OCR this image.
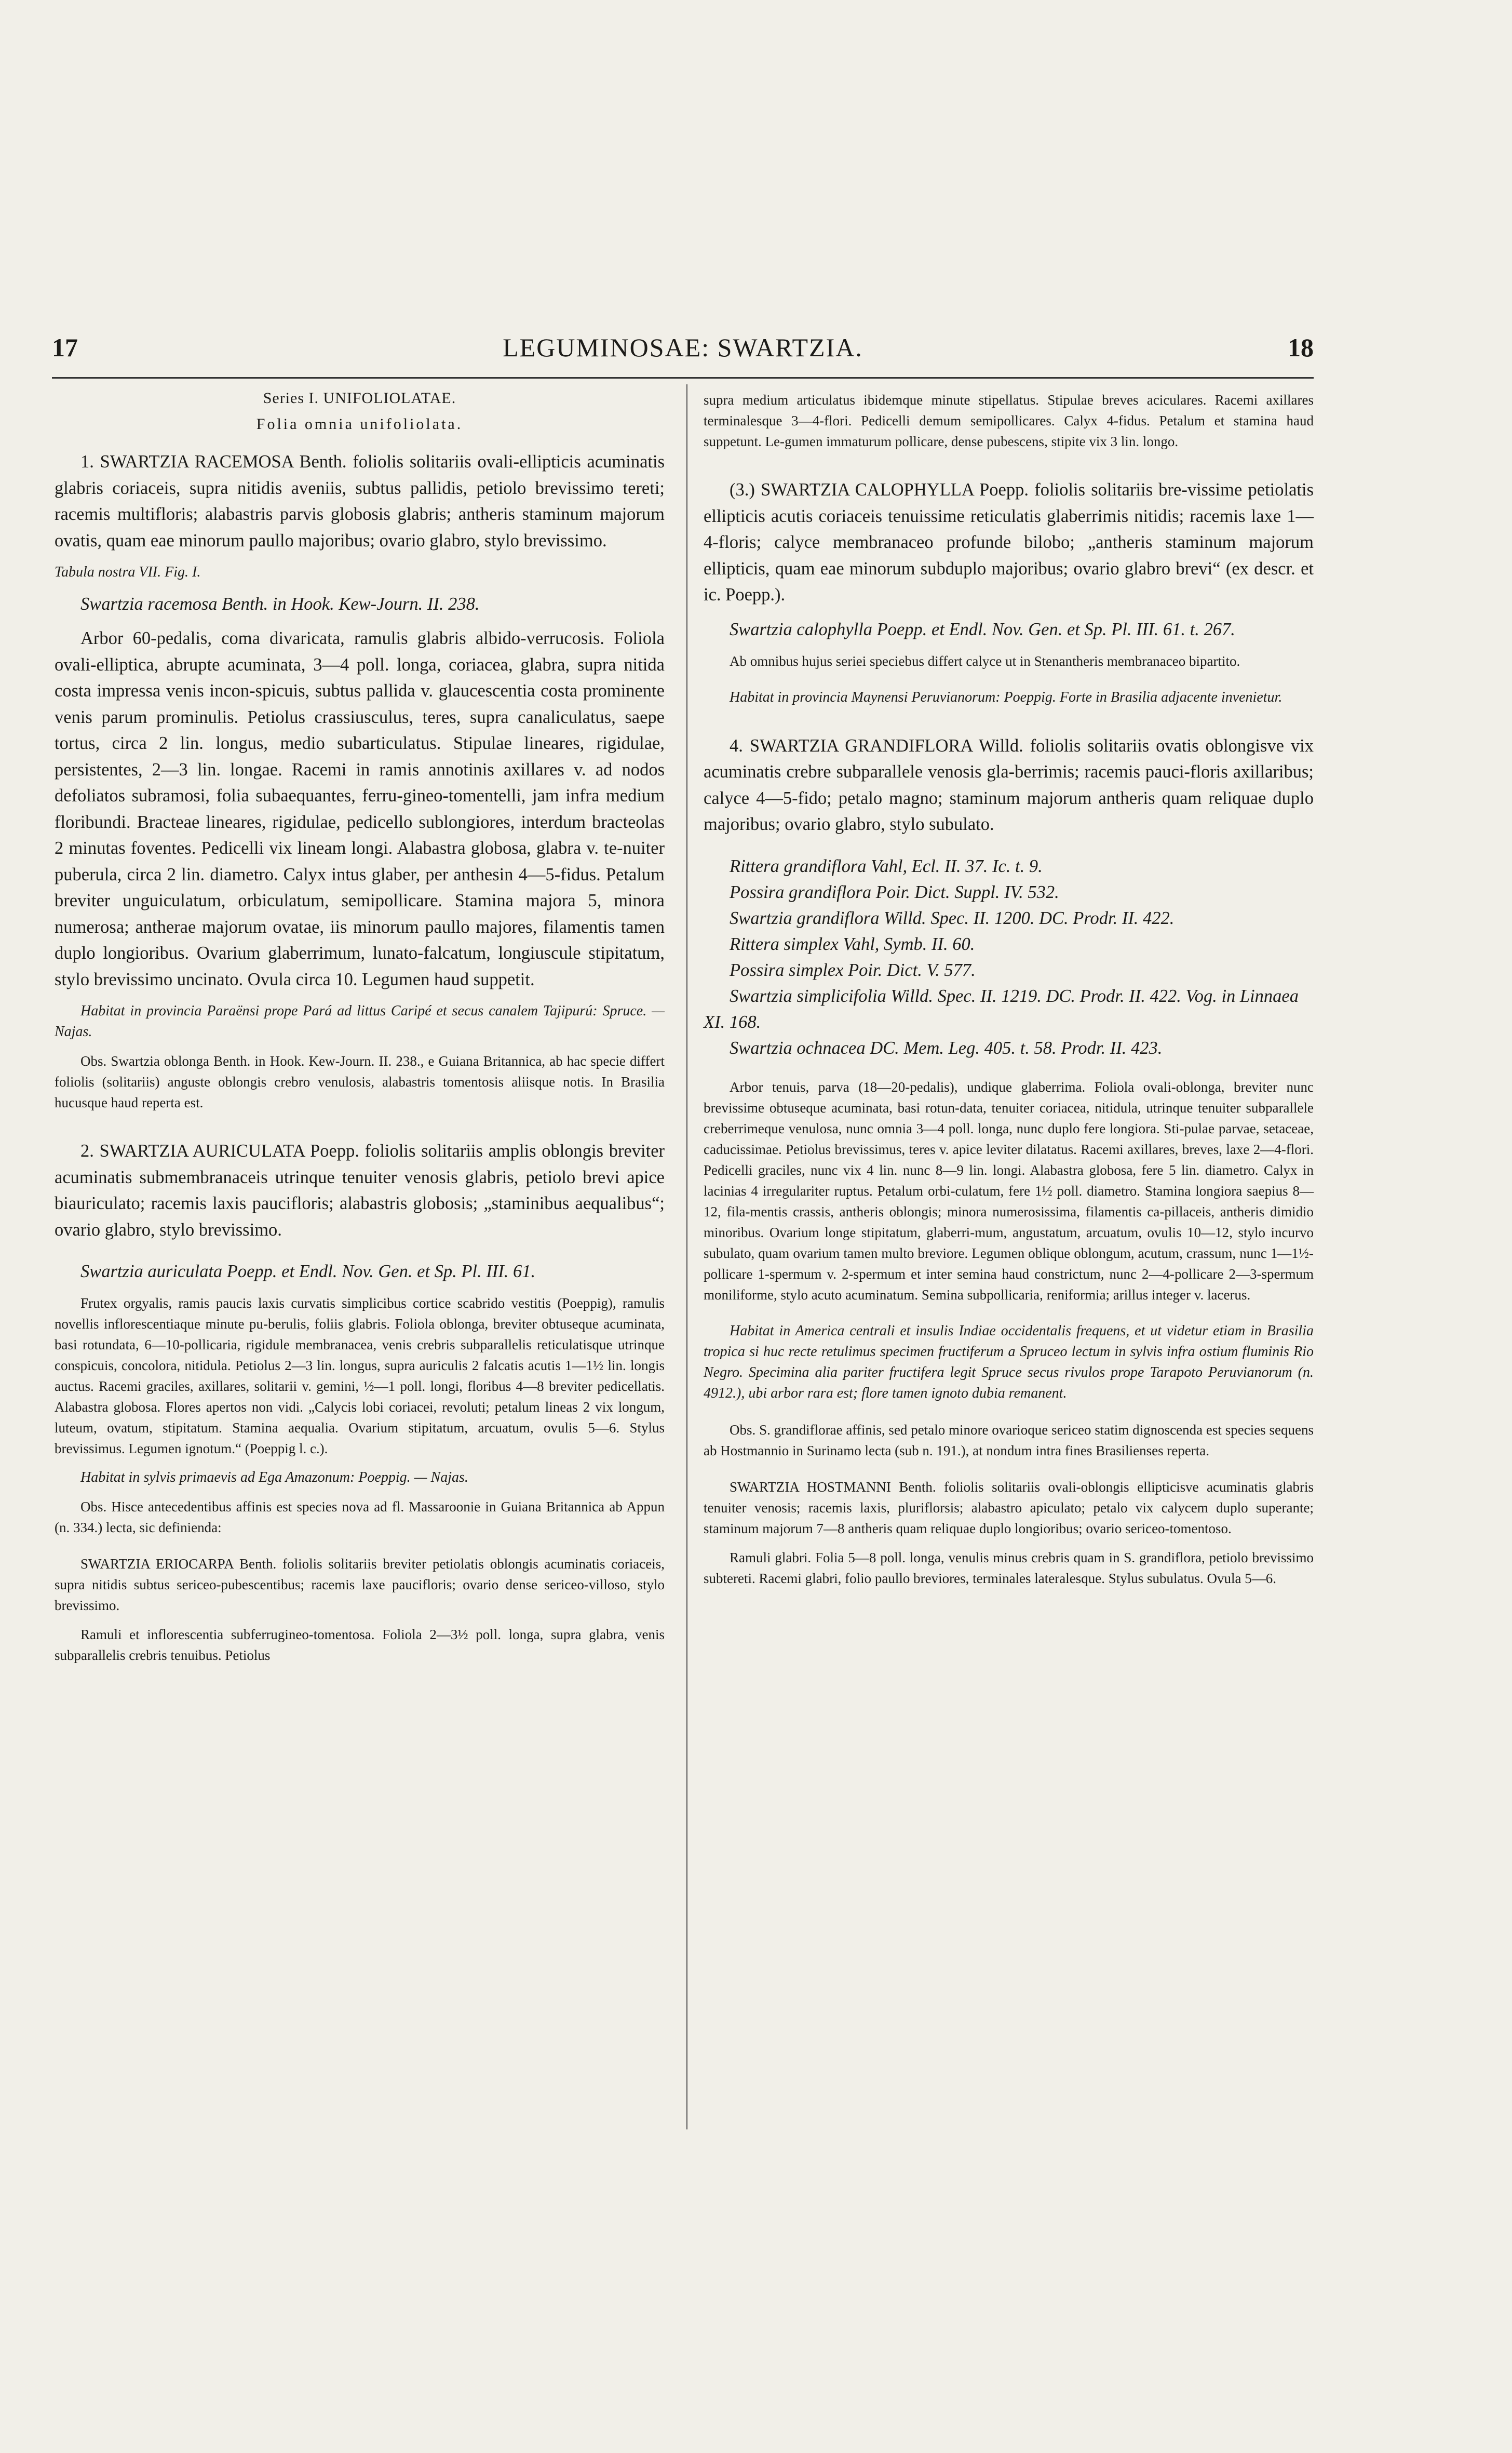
17	LEGUMINOSAE: SWARTZIA.	18

Series I. UNIFOLIOLATAE.

Folia omnia unifoliolata.

1. SWARTZIA RACEMOSA Benth. foliolis solitariis ovali-ellipticis acuminatis glabris coriaceis, supra nitidis aveniis, subtus pallidis, petiolo brevissimo tereti; racemis multifloris; alabastris parvis globosis glabris; antheris staminum majorum ovatis, quam eae minorum paullo majoribus; ovario glabro, stylo brevissimo.

Tabula nostra VII. Fig. I.

Swartzia racemosa Benth. in Hook. Kew-Journ. II. 238.

Arbor 60-pedalis, coma divaricata, ramulis glabris albido-verrucosis. Foliola ovali-elliptica, abrupte acuminata, 3—4 poll. longa, coriacea, glabra, supra nitida costa impressa venis incon-spicuis, subtus pallida v. glaucescentia costa prominente venis parum prominulis. Petiolus crassiusculus, teres, supra canaliculatus, saepe tortus, circa 2 lin. longus, medio subarticulatus. Stipulae lineares, rigidulae, persistentes, 2—3 lin. longae. Racemi in ramis annotinis axillares v. ad nodos defoliatos subramosi, folia subaequantes, ferru-gineo-tomentelli, jam infra medium floribundi. Bracteae lineares, rigidulae, pedicello sublongiores, interdum bracteolas 2 minutas foventes. Pedicelli vix lineam longi. Alabastra globosa, glabra v. te-nuiter puberula, circa 2 lin. diametro. Calyx intus glaber, per anthesin 4—5-fidus. Petalum breviter unguiculatum, orbiculatum, semipollicare. Stamina majora 5, minora numerosa; antherae majorum ovatae, iis minorum paullo majores, filamentis tamen duplo longioribus. Ovarium glaberrimum, lunato-falcatum, longiuscule stipitatum, stylo brevissimo uncinato. Ovula circa 10. Legumen haud suppetit.

Habitat in provincia Paraënsi prope Pará ad littus Caripé et secus canalem Tajipurú: Spruce. — Najas.

Obs. Swartzia oblonga Benth. in Hook. Kew-Journ. II. 238., e Guiana Britannica, ab hac specie differt foliolis (solitariis) anguste oblongis crebro venulosis, alabastris tomentosis aliisque notis. In Brasilia hucusque haud reperta est.

2. SWARTZIA AURICULATA Poepp. foliolis solitariis amplis oblongis breviter acuminatis submembranaceis utrinque tenuiter venosis glabris, petiolo brevi apice biauriculato; racemis laxis paucifloris; alabastris globosis; „staminibus aequalibus“; ovario glabro, stylo brevissimo.

Swartzia auriculata Poepp. et Endl. Nov. Gen. et Sp. Pl. III. 61.

Frutex orgyalis, ramis paucis laxis curvatis simplicibus cortice scabrido vestitis (Poeppig), ramulis novellis inflorescentiaque minute pu-berulis, foliis glabris. Foliola oblonga, breviter obtuseque acuminata, basi rotundata, 6—10-pollicaria, rigidule membranacea, venis crebris subparallelis reticulatisque utrinque conspicuis, concolora, nitidula. Petiolus 2—3 lin. longus, supra auriculis 2 falcatis acutis 1—1½ lin. longis auctus. Racemi graciles, axillares, solitarii v. gemini, ½—1 poll. longi, floribus 4—8 breviter pedicellatis. Alabastra globosa. Flores apertos non vidi. „Calycis lobi coriacei, revoluti; petalum lineas 2 vix longum, luteum, ovatum, stipitatum. Stamina aequalia. Ovarium stipitatum, arcuatum, ovulis 5—6. Stylus brevissimus. Legumen ignotum.“ (Poeppig l. c.).

Habitat in sylvis primaevis ad Ega Amazonum: Poeppig. — Najas.

Obs. Hisce antecedentibus affinis est species nova ad fl. Massaroonie in Guiana Britannica ab Appun (n. 334.) lecta, sic definienda:

SWARTZIA ERIOCARPA Benth. foliolis solitariis breviter petiolatis oblongis acuminatis coriaceis, supra nitidis subtus sericeo-pubescentibus; racemis laxe paucifloris; ovario dense sericeo-villoso, stylo brevissimo.

Ramuli et inflorescentia subferrugineo-tomentosa. Foliola 2—3½ poll. longa, supra glabra, venis subparallelis crebris tenuibus. Petiolus

supra medium articulatus ibidemque minute stipellatus. Stipulae breves aciculares. Racemi axillares terminalesque 3—4-flori. Pedicelli demum semipollicares. Calyx 4-fidus. Petalum et stamina haud suppetunt. Le-gumen immaturum pollicare, dense pubescens, stipite vix 3 lin. longo.

(3.) SWARTZIA CALOPHYLLA Poepp. foliolis solitariis bre-vissime petiolatis ellipticis acutis coriaceis tenuissime reticulatis glaberrimis nitidis; racemis laxe 1—4-floris; calyce membranaceo profunde bilobo; „antheris staminum majorum ellipticis, quam eae minorum subduplo majoribus; ovario glabro brevi“ (ex descr. et ic. Poepp.).

Swartzia calophylla Poepp. et Endl. Nov. Gen. et Sp. Pl. III. 61. t. 267.

Ab omnibus hujus seriei speciebus differt calyce ut in Stenantheris membranaceo bipartito.

Habitat in provincia Maynensi Peruvianorum: Poeppig. Forte in Brasilia adjacente invenietur.

4. SWARTZIA GRANDIFLORA Willd. foliolis solitariis ovatis oblongisve vix acuminatis crebre subparallele venosis gla-berrimis; racemis pauci-floris axillaribus; calyce 4—5-fido; petalo magno; staminum majorum antheris quam reliquae duplo majoribus; ovario glabro, stylo subulato.

Rittera grandiflora Vahl, Ecl. II. 37. Ic. t. 9.

Possira grandiflora Poir. Dict. Suppl. IV. 532.

Swartzia grandiflora Willd. Spec. II. 1200. DC. Prodr. II. 422.

Rittera simplex Vahl, Symb. II. 60.

Possira simplex Poir. Dict. V. 577.

Swartzia simplicifolia Willd. Spec. II. 1219. DC. Prodr. II. 422. Vog. in Linnaea XI. 168.

Swartzia ochnacea DC. Mem. Leg. 405. t. 58. Prodr. II. 423.

Arbor tenuis, parva (18—20-pedalis), undique glaberrima. Foliola ovali-oblonga, breviter nunc brevissime obtuseque acuminata, basi rotun-data, tenuiter coriacea, nitidula, utrinque tenuiter subparallele creberrimeque venulosa, nunc omnia 3—4 poll. longa, nunc duplo fere longiora. Sti-pulae parvae, setaceae, caducissimae. Petiolus brevissimus, teres v. apice leviter dilatatus. Racemi axillares, breves, laxe 2—4-flori. Pedicelli graciles, nunc vix 4 lin. nunc 8—9 lin. longi. Alabastra globosa, fere 5 lin. diametro. Calyx in lacinias 4 irregulariter ruptus. Petalum orbi-culatum, fere 1½ poll. diametro. Stamina longiora saepius 8—12, fila-mentis crassis, antheris oblongis; minora numerosissima, filamentis ca-pillaceis, antheris dimidio minoribus. Ovarium longe stipitatum, glaberri-mum, angustatum, arcuatum, ovulis 10—12, stylo incurvo subulato, quam ovarium tamen multo breviore. Legumen oblique oblongum, acutum, crassum, nunc 1—1½-pollicare 1-spermum v. 2-spermum et inter semina haud constrictum, nunc 2—4-pollicare 2—3-spermum moniliforme, stylo acuto acuminatum. Semina subpollicaria, reniformia; arillus integer v. lacerus.

Habitat in America centrali et insulis Indiae occidentalis frequens, et ut videtur etiam in Brasilia tropica si huc recte retulimus specimen fructiferum a Spruceo lectum in sylvis infra ostium fluminis Rio Negro. Specimina alia pariter fructifera legit Spruce secus rivulos prope Tarapoto Peruvianorum (n. 4912.), ubi arbor rara est; flore tamen ignoto dubia remanent.

Obs. S. grandiflorae affinis, sed petalo minore ovarioque sericeo statim dignoscenda est species sequens ab Hostmannio in Surinamo lecta (sub n. 191.), at nondum intra fines Brasilienses reperta.

SWARTZIA HOSTMANNI Benth. foliolis solitariis ovali-oblongis ellipticisve acuminatis glabris tenuiter venosis; racemis laxis, pluriflorsis; alabastro apiculato; petalo vix calycem duplo superante; staminum majorum 7—8 antheris quam reliquae duplo longioribus; ovario sericeo-tomentoso.

Ramuli glabri. Folia 5—8 poll. longa, venulis minus crebris quam in S. grandiflora, petiolo brevissimo subtereti. Racemi glabri, folio paullo breviores, terminales lateralesque. Stylus subulatus. Ovula 5—6.
